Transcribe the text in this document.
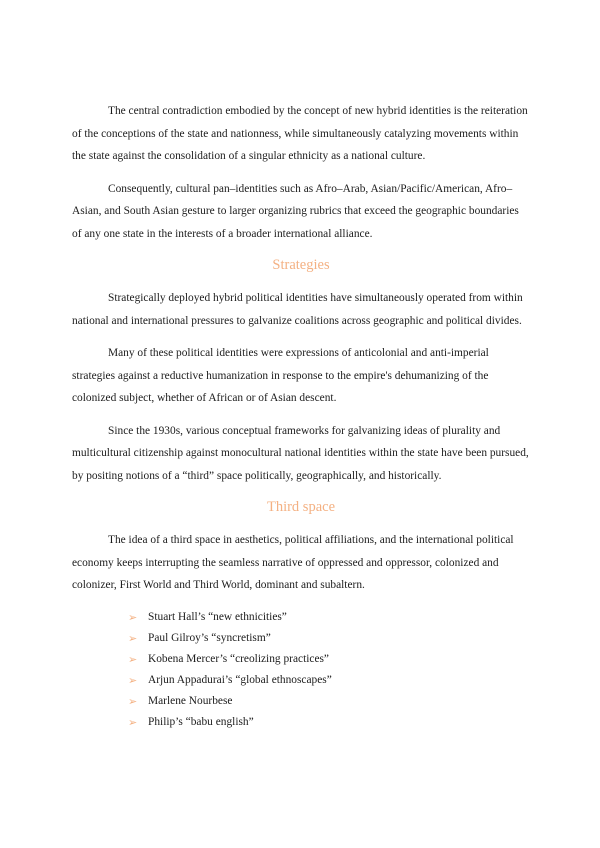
The central contradiction embodied by the concept of new hybrid identities is the reiteration of the conceptions of the state and nationness, while simultaneously catalyzing movements within the state against the consolidation of a singular ethnicity as a national culture.

Consequently, cultural pan–identities such as Afro–Arab, Asian/Pacific/American, Afro–Asian, and South Asian gesture to larger organizing rubrics that exceed the geographic boundaries of any one state in the interests of a broader international alliance.

Strategies

Strategically deployed hybrid political identities have simultaneously operated from within national and international pressures to galvanize coalitions across geographic and political divides.

Many of these political identities were expressions of anticolonial and anti-imperial strategies against a reductive humanization in response to the empire's dehumanizing of the colonized subject, whether of African or of Asian descent.

Since the 1930s, various conceptual frameworks for galvanizing ideas of plurality and multicultural citizenship against monocultural national identities within the state have been pursued, by positing notions of a “third” space politically, geographically, and historically.

Third space

The idea of a third space in aesthetics, political affiliations, and the international political economy keeps interrupting the seamless narrative of oppressed and oppressor, colonized and colonizer, First World and Third World, dominant and subaltern.

➢ Stuart Hall’s “new ethnicities”
➢ Paul Gilroy’s “syncretism”
➢ Kobena Mercer’s “creolizing practices”
➢ Arjun Appadurai’s “global ethnoscapes”
➢ Marlene Nourbese
➢ Philip’s “babu english”
